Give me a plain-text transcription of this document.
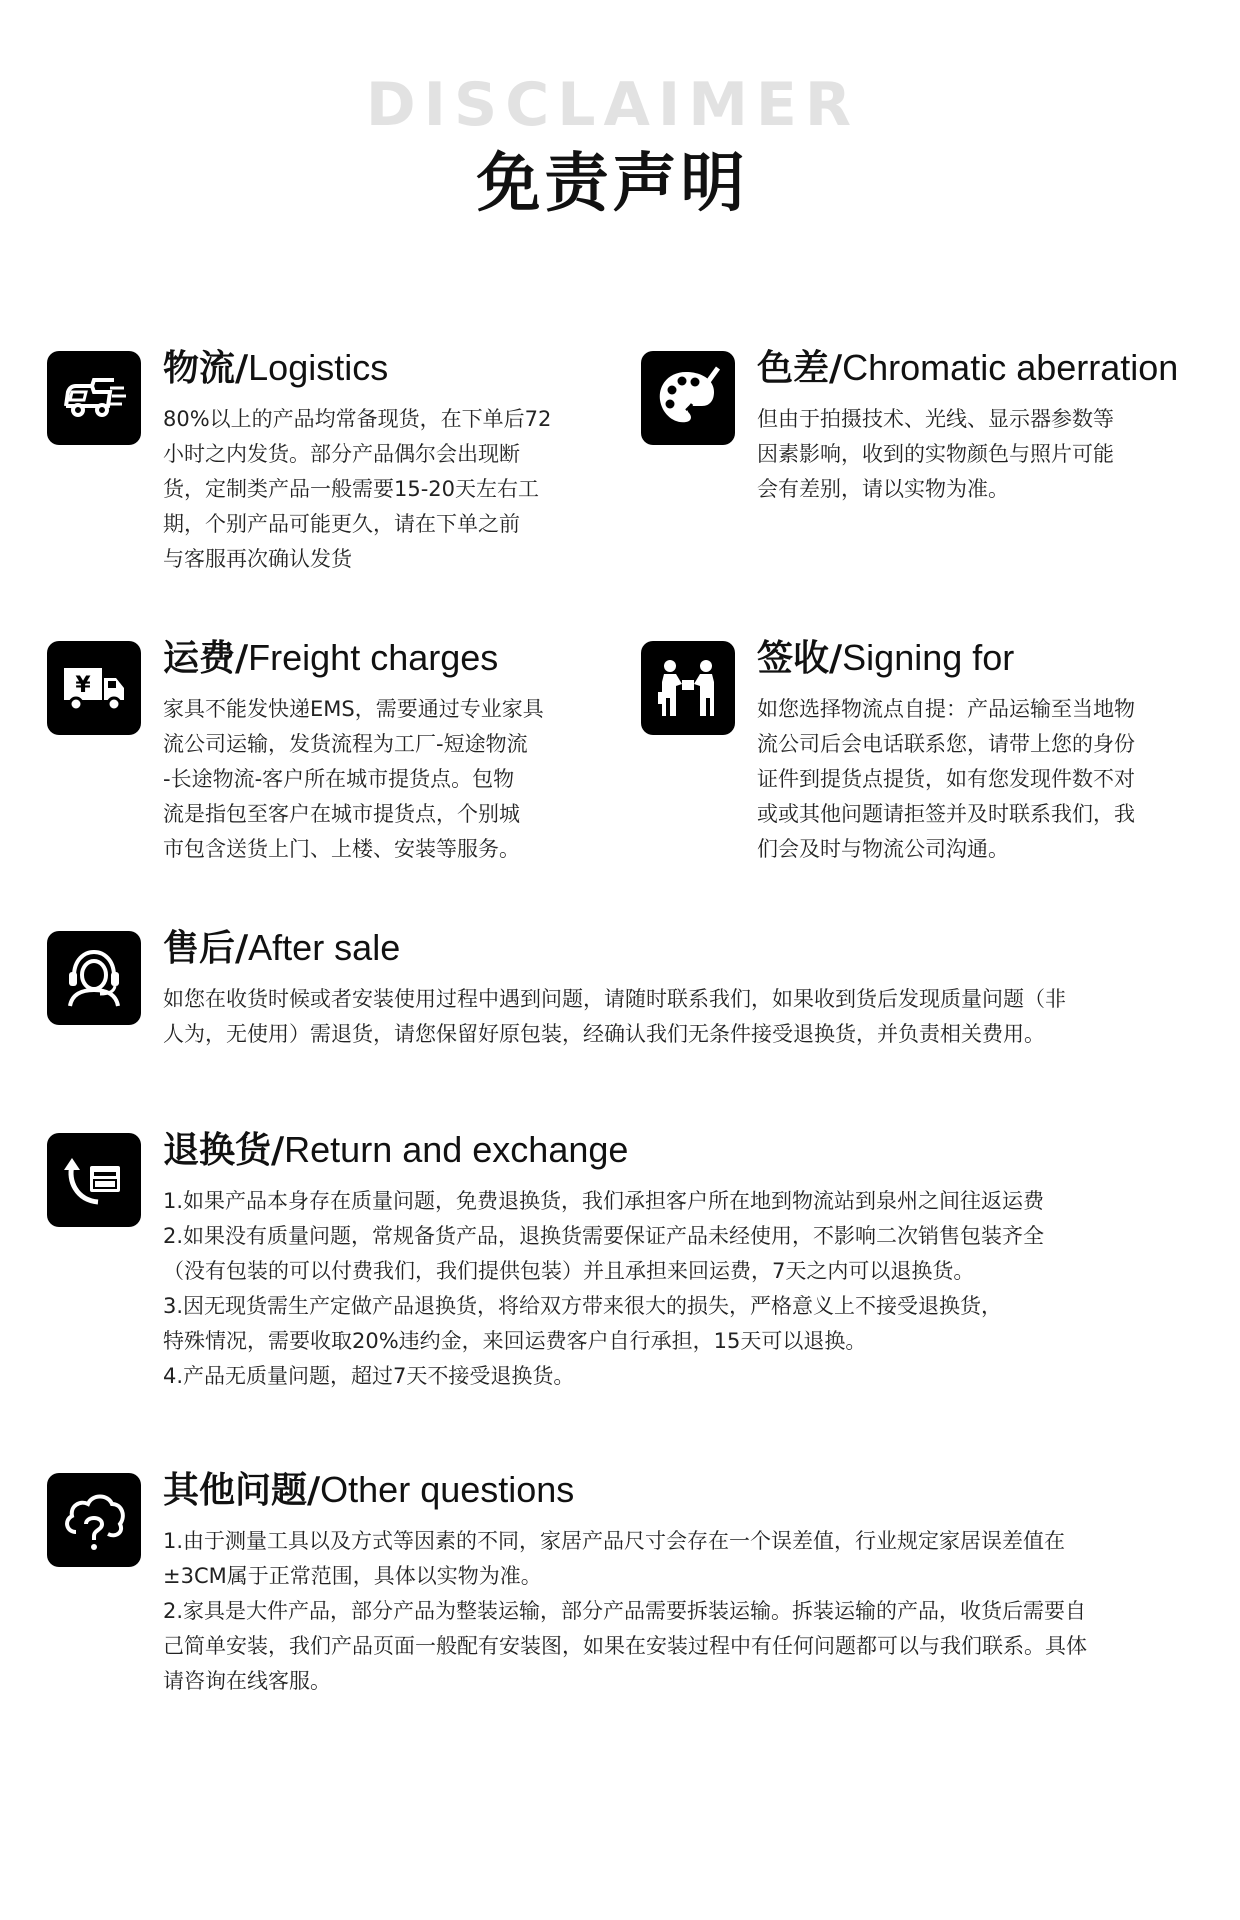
DISCLAIMER
免责声明
物流/Logistics

80%以上的产品均常备现货，在下单后72

小时之内发货。部分产品偶尔会出现断

货，定制类产品一般需要15-20天左右工

期，个别产品可能更久，请在下单之前

与客服再次确认发货

色差/Chromatic aberration

但由于拍摄技术、光线、显示器参数等

因素影响，收到的实物颜色与照片可能

会有差别，请以实物为准。

¥
运费/Freight charges

家具不能发快递EMS，需要通过专业家具

流公司运输，发货流程为工厂-短途物流

-长途物流-客户所在城市提货点。包物

流是指包至客户在城市提货点，个别城

市包含送货上门、上楼、安装等服务。

签收/Signing for

如您选择物流点自提：产品运输至当地物

流公司后会电话联系您，请带上您的身份

证件到提货点提货，如有您发现件数不对

或或其他问题请拒签并及时联系我们，我

们会及时与物流公司沟通。

售后/After sale

如您在收货时候或者安装使用过程中遇到问题，请随时联系我们，如果收到货后发现质量问题（非

人为，无使用）需退货，请您保留好原包装，经确认我们无条件接受退换货，并负责相关费用。

退换货/Return and exchange

1.如果产品本身存在质量问题，免费退换货，我们承担客户所在地到物流站到泉州之间往返运费

2.如果没有质量问题，常规备货产品，退换货需要保证产品未经使用，不影响二次销售包装齐全

（没有包装的可以付费我们，我们提供包装）并且承担来回运费，7天之内可以退换货。

3.因无现货需生产定做产品退换货，将给双方带来很大的损失，严格意义上不接受退换货，

特殊情况，需要收取20%违约金，来回运费客户自行承担，15天可以退换。

4.产品无质量问题，超过7天不接受退换货。

其他问题/Other questions

1.由于测量工具以及方式等因素的不同，家居产品尺寸会存在一个误差值，行业规定家居误差值在

±3CM属于正常范围，具体以实物为准。

2.家具是大件产品，部分产品为整装运输，部分产品需要拆装运输。拆装运输的产品，收货后需要自

己简单安装，我们产品页面一般配有安装图，如果在安装过程中有任何问题都可以与我们联系。具体

请咨询在线客服。
